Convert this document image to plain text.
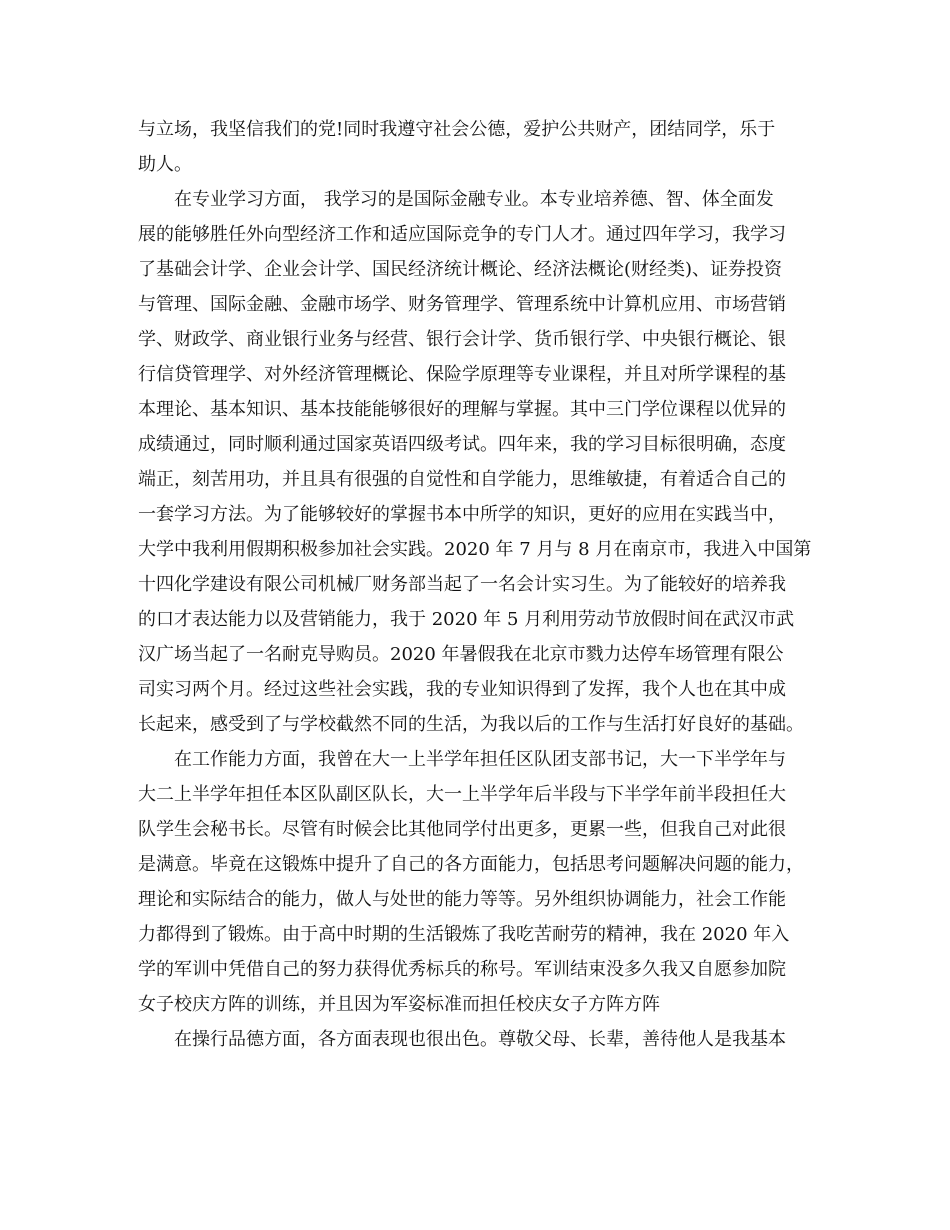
与立场，我坚信我们的党!同时我遵守社会公德，爱护公共财产，团结同学，乐于
助人。
在专业学习方面， 我学习的是国际金融专业。本专业培养德、智、体全面发
展的能够胜任外向型经济工作和适应国际竞争的专门人才。通过四年学习，我学习
了基础会计学、企业会计学、国民经济统计概论、经济法概论(财经类)、证券投资
与管理、国际金融、金融市场学、财务管理学、管理系统中计算机应用、市场营销
学、财政学、商业银行业务与经营、银行会计学、货币银行学、中央银行概论、银
行信贷管理学、对外经济管理概论、保险学原理等专业课程，并且对所学课程的基
本理论、基本知识、基本技能能够很好的理解与掌握。其中三门学位课程以优异的
成绩通过，同时顺利通过国家英语四级考试。四年来，我的学习目标很明确，态度
端正，刻苦用功，并且具有很强的自觉性和自学能力，思维敏捷，有着适合自己的
一套学习方法。为了能够较好的掌握书本中所学的知识，更好的应用在实践当中，
大学中我利用假期积极参加社会实践。2020 年 7 月与 8 月在南京市，我进入中国第
十四化学建设有限公司机械厂财务部当起了一名会计实习生。为了能较好的培养我
的口才表达能力以及营销能力，我于 2020 年 5 月利用劳动节放假时间在武汉市武
汉广场当起了一名耐克导购员。2020 年暑假我在北京市戮力达停车场管理有限公
司实习两个月。经过这些社会实践，我的专业知识得到了发挥，我个人也在其中成
长起来，感受到了与学校截然不同的生活，为我以后的工作与生活打好良好的基础。
在工作能力方面，我曾在大一上半学年担任区队团支部书记，大一下半学年与
大二上半学年担任本区队副区队长，大一上半学年后半段与下半学年前半段担任大
队学生会秘书长。尽管有时候会比其他同学付出更多，更累一些，但我自己对此很
是满意。毕竟在这锻炼中提升了自己的各方面能力，包括思考问题解决问题的能力，
理论和实际结合的能力，做人与处世的能力等等。另外组织协调能力，社会工作能
力都得到了锻炼。由于高中时期的生活锻炼了我吃苦耐劳的精神，我在 2020 年入
学的军训中凭借自己的努力获得优秀标兵的称号。军训结束没多久我又自愿参加院
女子校庆方阵的训练，并且因为军姿标准而担任校庆女子方阵方阵
在操行品德方面，各方面表现也很出色。尊敬父母、长辈，善待他人是我基本
